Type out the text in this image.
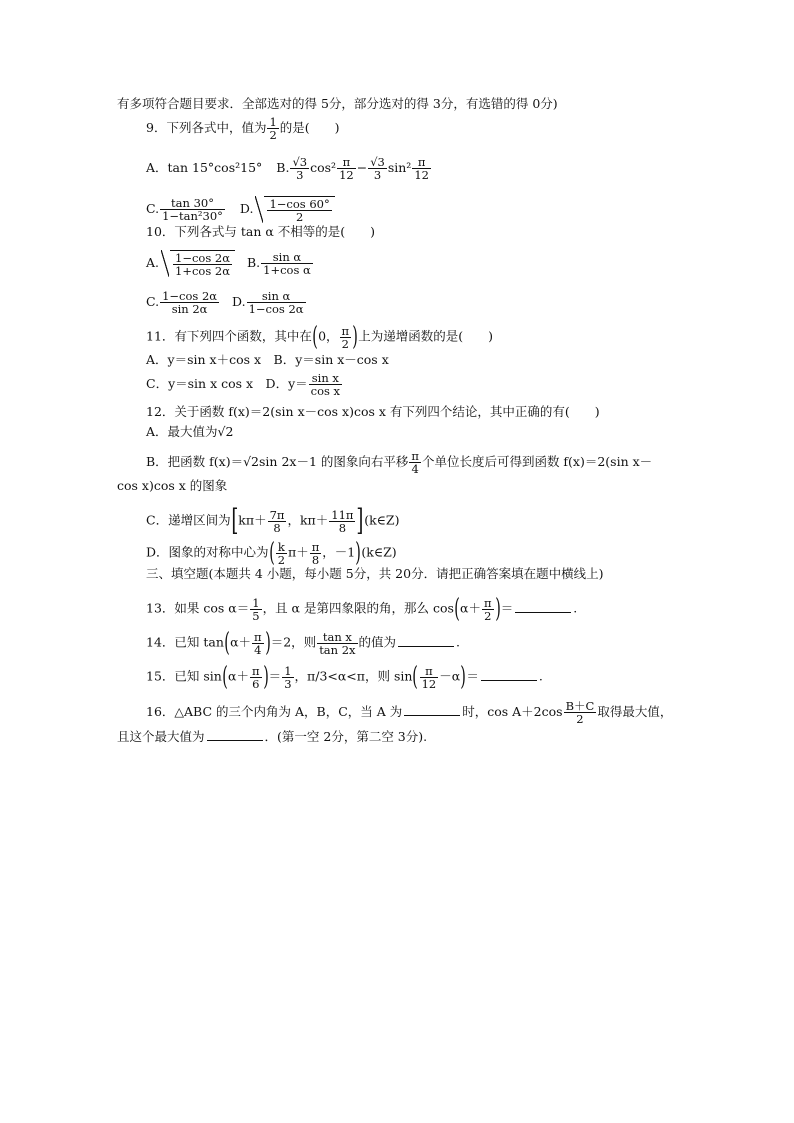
有多项符合题目要求．全部选对的得 5分，部分选对的得 3分，有选错的得 0分)
9．下列各式中，值为 $\frac{1}{2}$ 的是(　　)
A．tan 15°cos²15° B. $\frac{√3}{3} \cos^2 \frac{\pi}{12} - \frac{√3}{3} \sin^2 \frac{\pi}{12}$
C. $\frac{\tan 30^\circ}{\text{1−tan²30°}} D$. $\frac{1-\cos 60^\circ}{2}$
10．下列各式与 tan α 不相等的是(　　)
A. $\frac{1-\cos 2\alpha}{1+\cos 2\alpha} B$. $\frac{\text{sin α}}{\text{1+cos α}}$
C. $\frac{1-\cos 2\alpha}{\sin 2\alpha} D$. $\frac{\text{sin α}}{1-\cos 2\alpha}$
11．有下列四个函数，其中在(0， $\frac{\pi}{2}$ )上为递增函数的是(　　)
A．y＝sin x＋cos x　B．y＝sin x－cos x
C．y＝sin x cos x　D．$y= \frac{\text{sin x}}{\text{cos x}}$
12．关于函数 f(x)＝2(sin x－cos x)cos x 有下列四个结论，其中正确的有(　　)
A．最大值为√2
B．把函数 f(x)＝√2sin 2x－1 的图象向右平移 $\frac{\pi}{4}$ 个单位长度后可得到函数 f(x)＝2(sin x－
cos x)cos x 的图象
C．递增区间为[$k\pi+ \frac{7\pi}{8}$ ，$k\pi+ \frac{11\pi}{8}$ ](k∈Z)
D．图象的对称中心为( $\frac{k}{2} \pi+ \frac{\pi}{8}$ ，－1)(k∈Z)
三、填空题(本题共 4 小题，每小题 5分，共 20分．请把正确答案填在题中横线上)
13．如果 $\cos \alpha= \frac{1}{5}$ ，且 α 是第四象限的角，那么 $\cos(\alpha+ \frac{\pi}{2}$ )＝	.
14．已知 $\tan(\alpha+ \frac{\pi}{4} )=2$，则 $\frac{\text{tan x}}{\tan 2x}$ 的值为	.
15．已知 $\sin(\alpha+ \frac{\pi}{6}$ )＝ $\frac{1}{3}$ ，π/3<α<π，则 $\sin( \frac{\pi}{12} -\alpha)=$	.
16．△ABC 的三个内角为 A，B，C，当 A 为	时，$\cos A+2\cos \frac{B+C}{2}$ 取得最大值，
且这个最大值为	．(第一空 2分，第二空 3分).
